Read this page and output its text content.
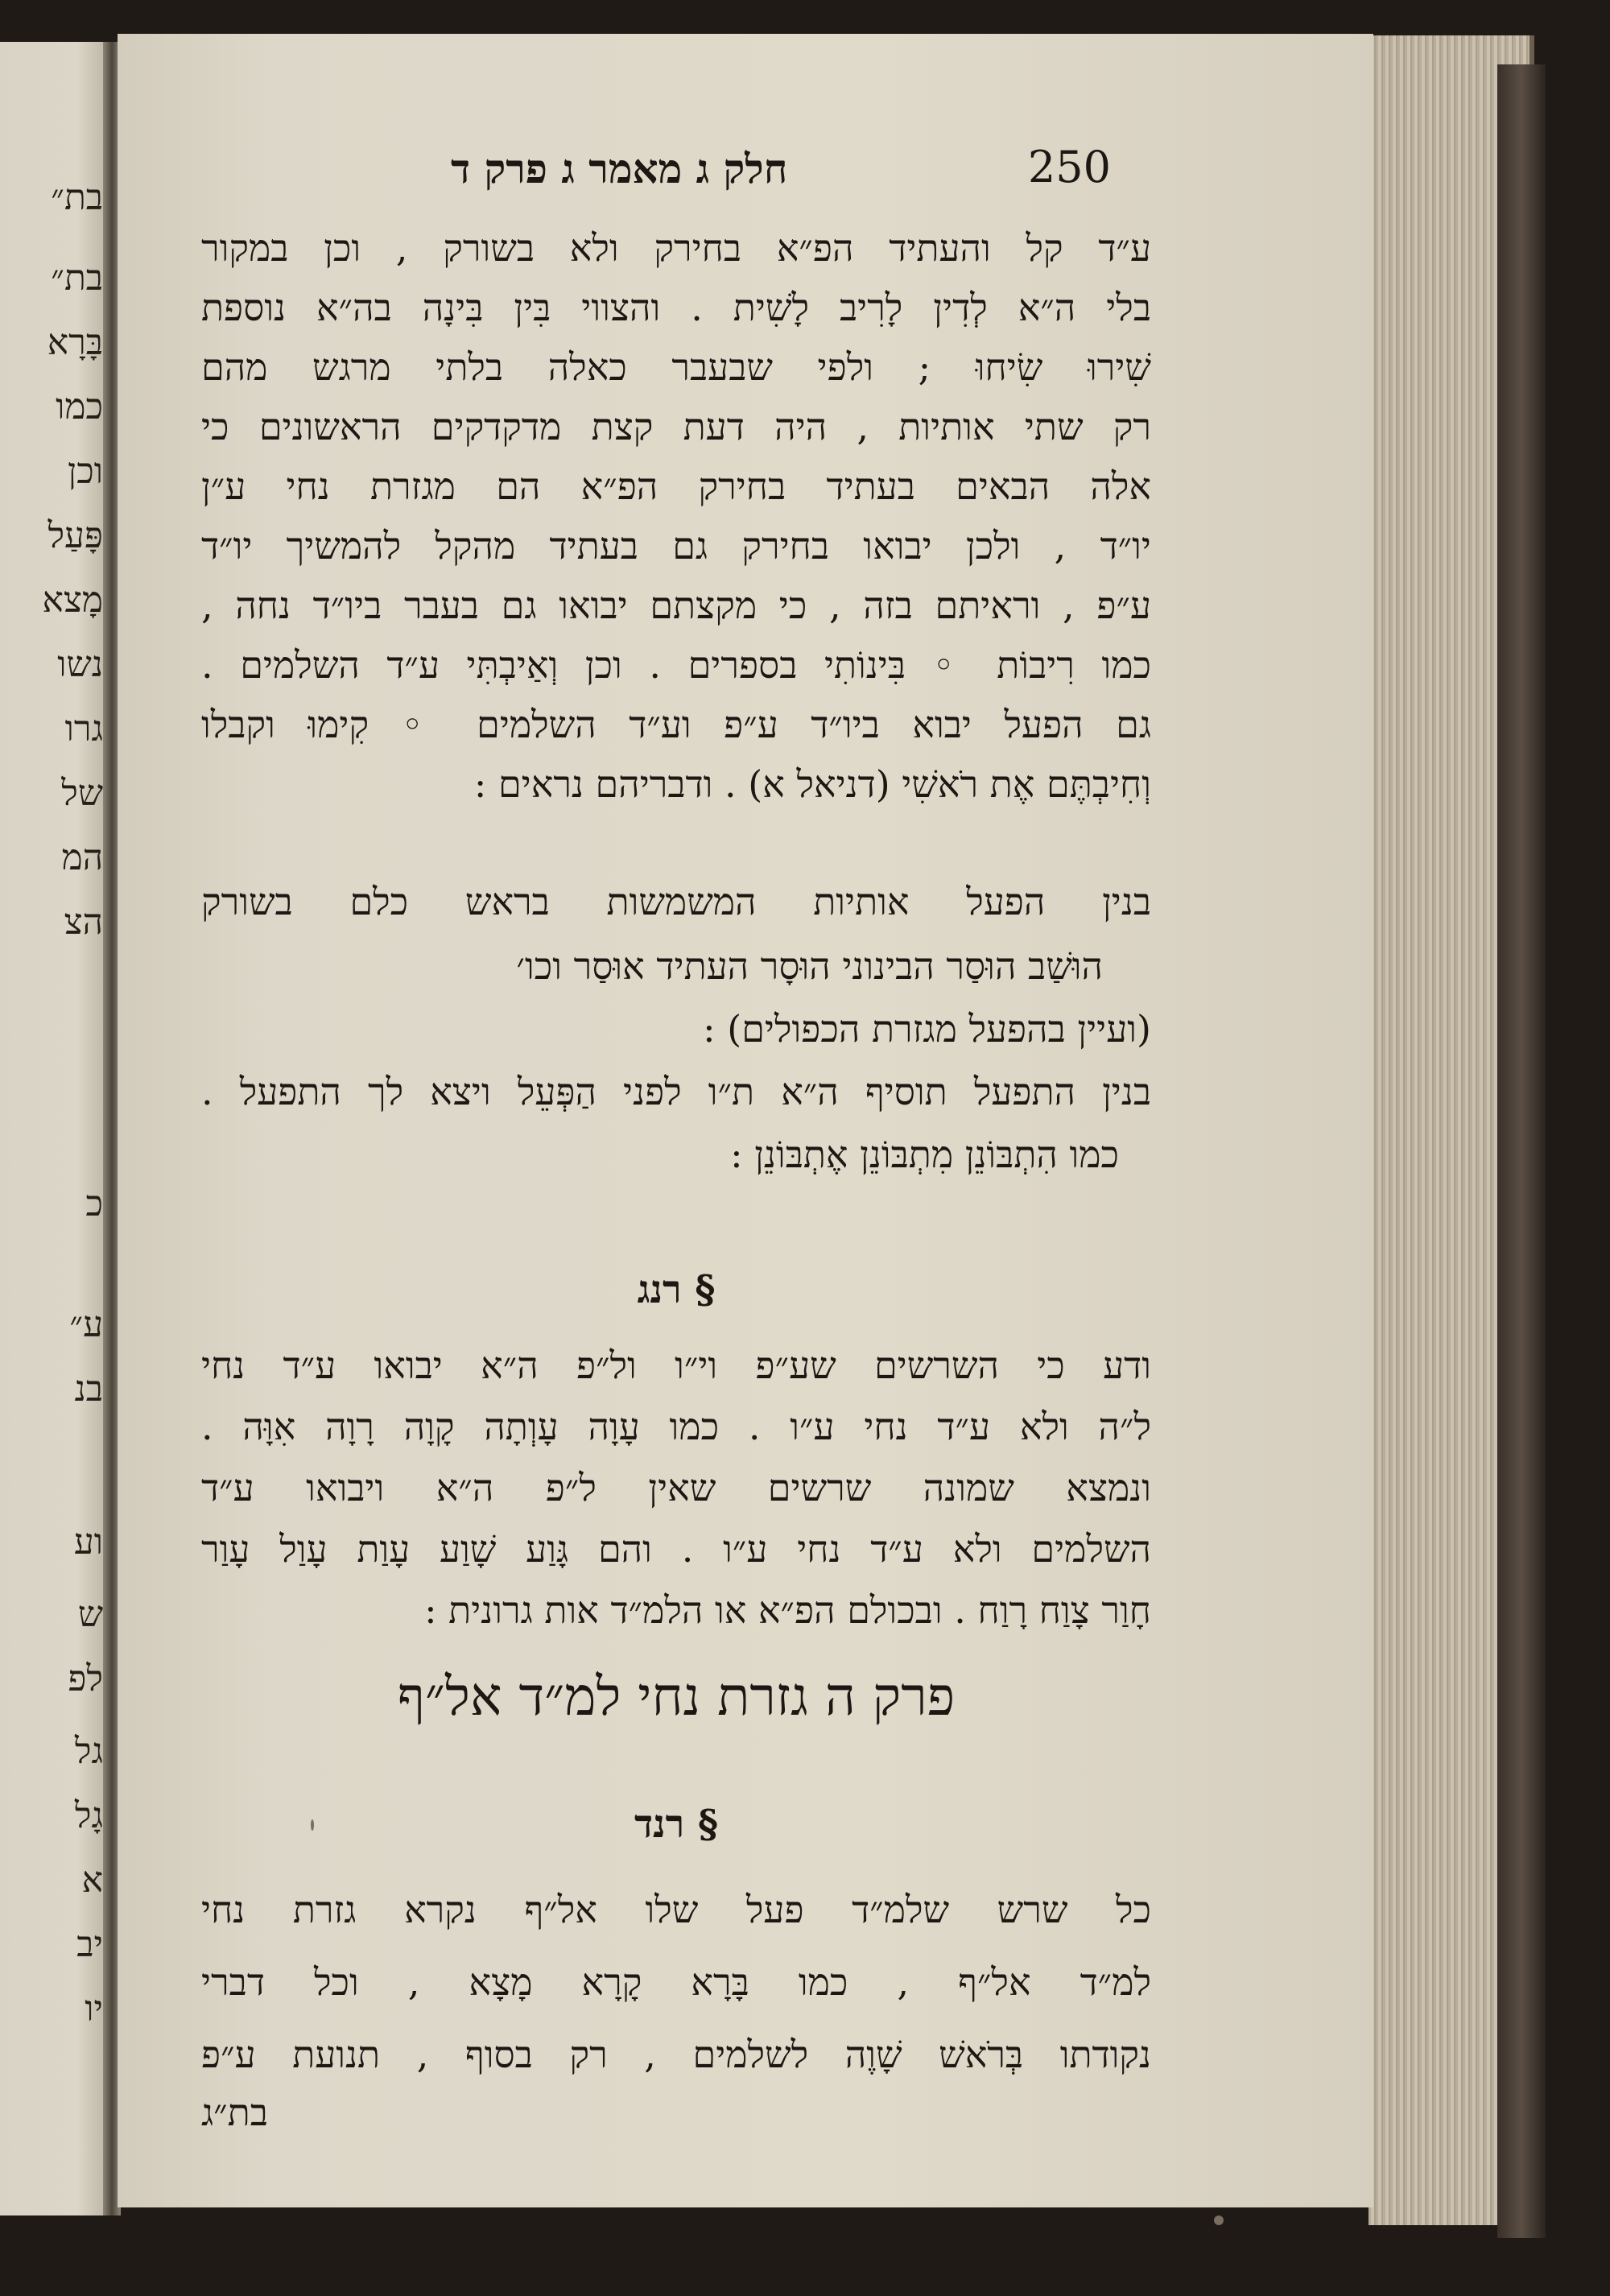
בת״
בת״
בָּרָא
כמו
וכן
פָּעַל
מָצא
נשו
גרו
של
המ
הצ
כ
ע״
בנ
וע
ש
לפ
גל
גָל
א
יב
יו
חלק ג מאמר ג פרק ד	250
ע״ד קל והעתיד הפ״א בחירק ולא בשורק , וכן במקור
בלי ה״א לְדִין לָרִיב לָשִׁית . והצווי בִּין בִּינָה בה״א נוספת
שִׁירוּ שִׂיחוּ ; ולפי שבעבר כאלה בלתי מרגש מהם
רק שתי אותיות , היה דעת קצת מדקדקים הראשונים כי
אלה הבאים בעתיד בחירק הפ״א הם מגזרת נחי ע״ן
יו״ד , ולכן יבואו בחירק גם בעתיד מהקל להמשיך יו״ד
ע״פ , וראיתם בזה , כי מקצתם יבואו גם בעבר ביו״ד נחה ,
כמו רִיבוֹת ◦ בִּינוֹתִי בספרים . וכן וְאַיבְתִּי ע״ד השלמים .
גם הפעל יבוא ביו״ד ע״פ וע״ד השלמים ◦ קִימוּ וקבלו
וְחִיבְתֶּם אֶת רֹאשִׁי (דניאל א) . ודבריהם נראים :
בנין הפעל אותיות המשמשות בראש כלם בשורק
הוּשַׁב הוּסַר הבינוני הוּסָר העתיד אוּסַר וכו׳
(ועיין בהפעל מגזרת הכפולים) :
בנין התפעל תוסיף ה״א ת״ו לפני הַפְּעֵל ויצא לך התפעל .
כמו הִתְבּוֹנֵן מִתְבּוֹנֵן אֶתְבּוֹנֵן :
§ רנג
ודע כי השרשים שע״פ וי״ו ול״פ ה״א יבואו ע״ד נחי
ל״ה ולא ע״ד נחי ע״ו . כמו עָוָה עָוְתָה קָוָה רָוָה אִוָּה .
ונמצא שמונה שרשים שאין ל״פ ה״א ויבואו ע״ד
השלמים ולא ע״ד נחי ע״ו . והם גָּוַע שָׁוַע עָוַת עָוַל עָוַר
חָוַר צָוַח רָוַח . ובכולם הפ״א או הלמ״ד אות גרונית :
פרק ה גזרת נחי למ״ד אל״ף
§ רנד
כל שרש שלמ״ד פעל שלו אל״ף נקרא גזרת נחי
למ״ד אל״ף , כמו בָּרָא קָרָא מָצָא , וכל דברי
נקודתו בְּרֹאשׁ שָׁוֶה לשלמים , רק בסוף , תנועת ע״פ
בת״ג
